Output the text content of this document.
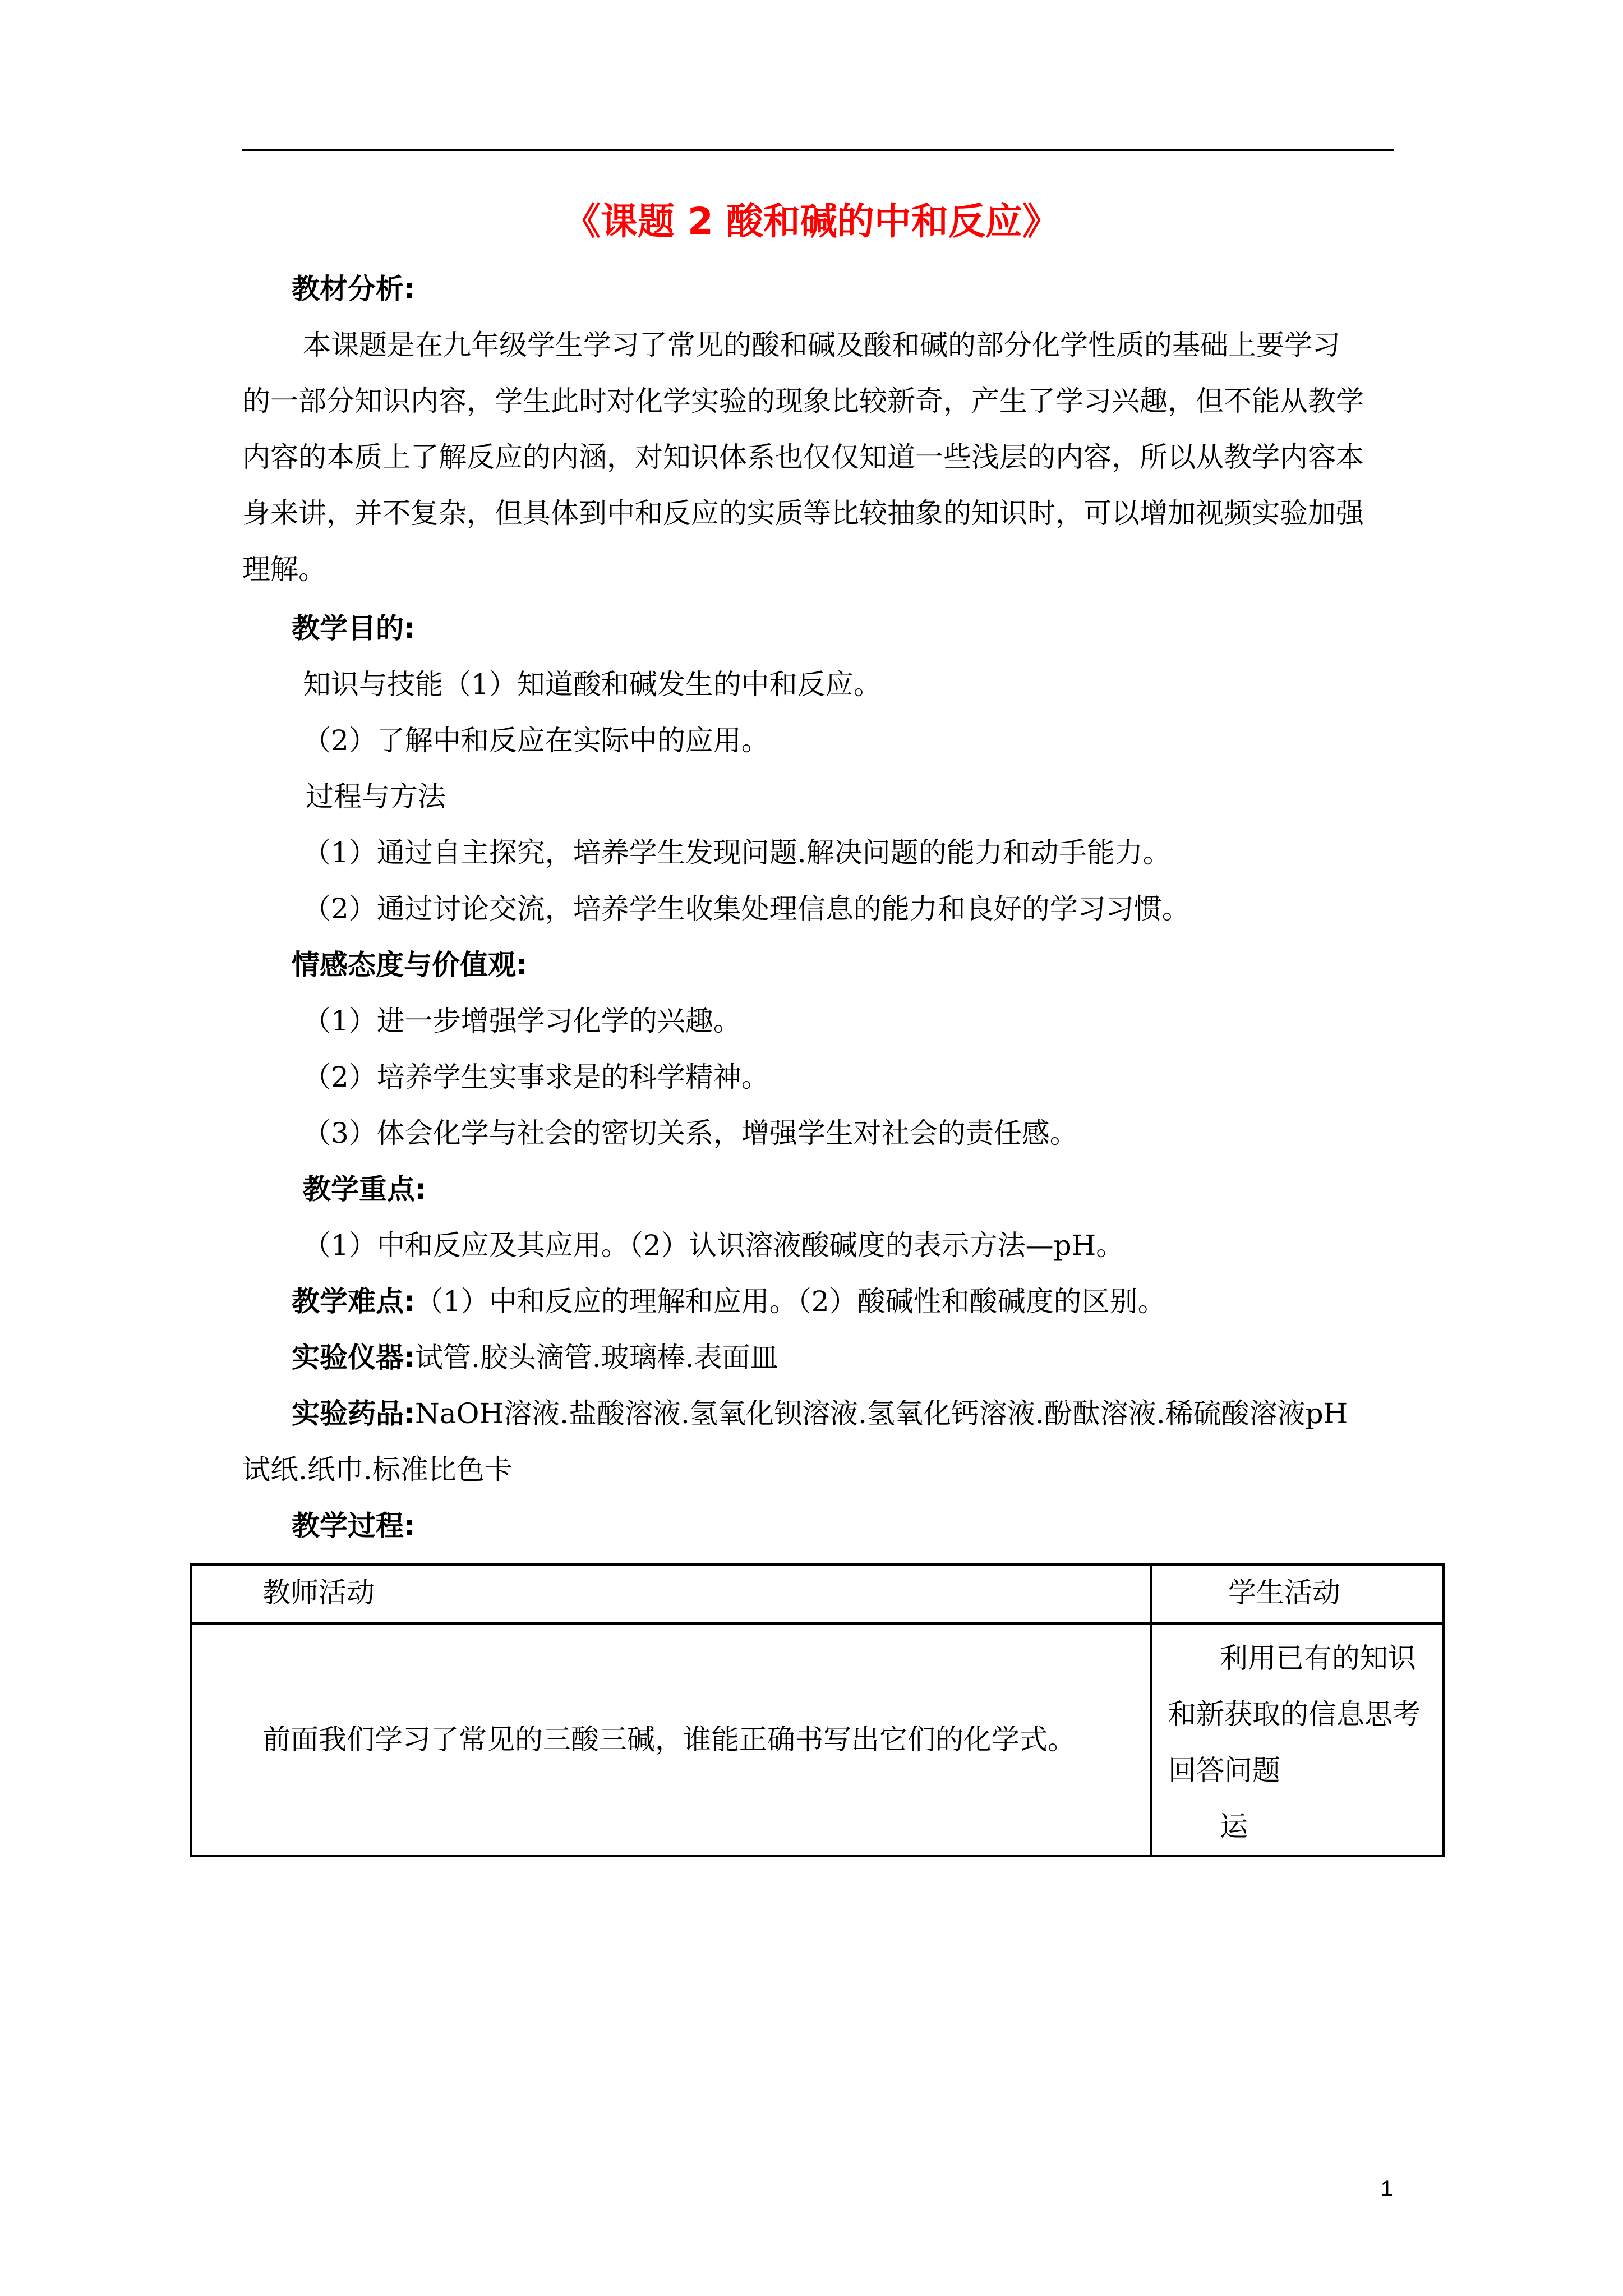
《课题 2 酸和碱的中和反应》
教材分析:
本课题是在九年级学生学习了常见的酸和碱及酸和碱的部分化学性质的基础上要学习
的一部分知识内容，学生此时对化学实验的现象比较新奇，产生了学习兴趣，但不能从教学
内容的本质上了解反应的内涵，对知识体系也仅仅知道一些浅层的内容，所以从教学内容本
身来讲，并不复杂，但具体到中和反应的实质等比较抽象的知识时，可以增加视频实验加强
理解。
教学目的:
知识与技能（1）知道酸和碱发生的中和反应。
（2）了解中和反应在实际中的应用。
过程与方法
（1）通过自主探究，培养学生发现问题.解决问题的能力和动手能力。
（2）通过讨论交流，培养学生收集处理信息的能力和良好的学习习惯。
情感态度与价值观:
（1）进一步增强学习化学的兴趣。
（2）培养学生实事求是的科学精神。
（3）体会化学与社会的密切关系，增强学生对社会的责任感。
教学重点:
（1）中和反应及其应用。（2）认识溶液酸碱度的表示方法—pH。
教学难点:（1）中和反应的理解和应用。（2）酸碱性和酸碱度的区别。
实验仪器:试管.胶头滴管.玻璃棒.表面皿
实验药品:NaOH溶液.盐酸溶液.氢氧化钡溶液.氢氧化钙溶液.酚酞溶液.稀硫酸溶液pH
试纸.纸巾.标准比色卡
教学过程:
教师活动	学生活动

前面我们学习了常见的三酸三碱，谁能正确书写出它们的化学式。	利用已有的知识
和新获取的信息思考
回答问题
运
1
